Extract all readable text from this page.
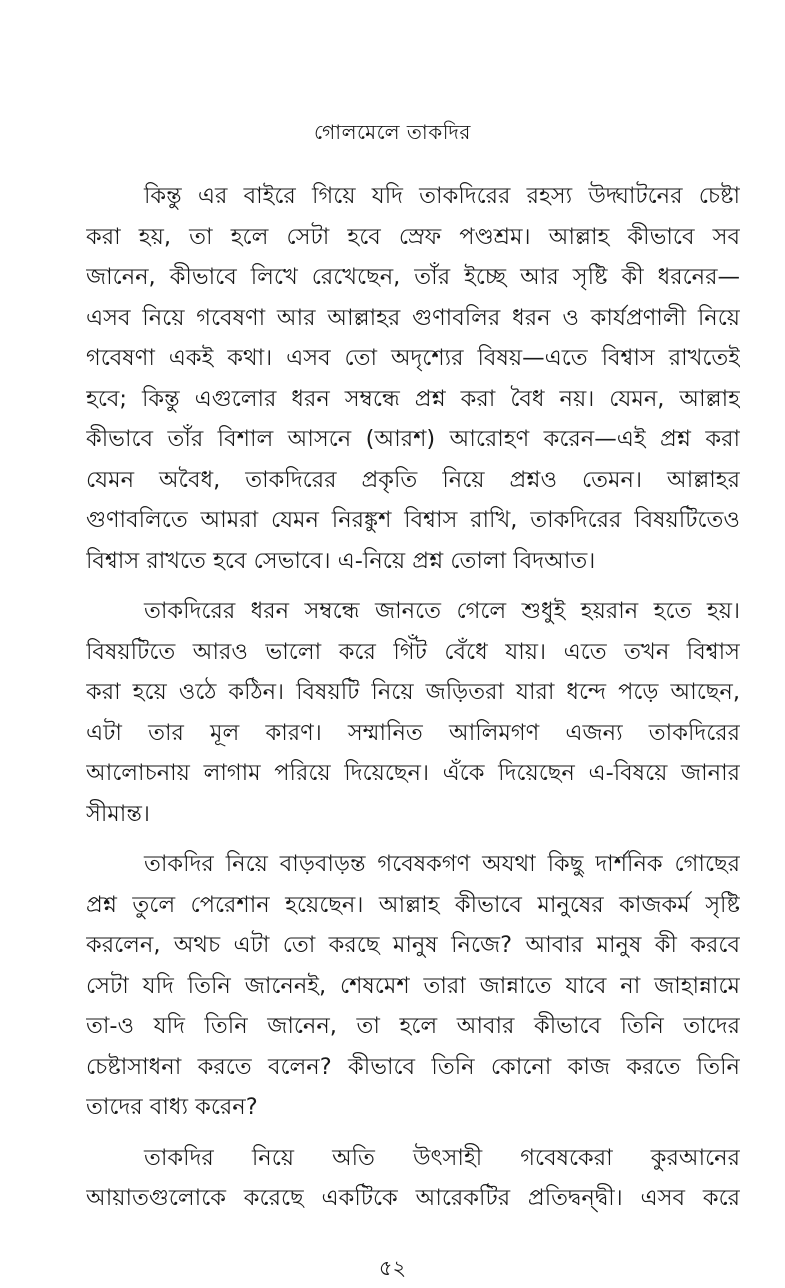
গোলমেলে তাকদির

কিন্তু এর বাইরে গিয়ে যদি তাকদিরের রহস্য উদ্ঘাটনের চেষ্টা
করা হয়, তা হলে সেটা হবে স্রেফ পণ্ডশ্রম। আল্লাহ কীভাবে সব
জানেন, কীভাবে লিখে রেখেছেন, তাঁর ইচ্ছে আর সৃষ্টি কী ধরনের—
এসব নিয়ে গবেষণা আর আল্লাহর গুণাবলির ধরন ও কার্যপ্রণালী নিয়ে
গবেষণা একই কথা। এসব তো অদৃশ্যের বিষয়—এতে বিশ্বাস রাখতেই
হবে; কিন্তু এগুলোর ধরন সম্বন্ধে প্রশ্ন করা বৈধ নয়। যেমন, আল্লাহ
কীভাবে তাঁর বিশাল আসনে (আরশ) আরোহণ করেন—এই প্রশ্ন করা
যেমন অবৈধ, তাকদিরের প্রকৃতি নিয়ে প্রশ্নও তেমন। আল্লাহর
গুণাবলিতে আমরা যেমন নিরঙ্কুশ বিশ্বাস রাখি, তাকদিরের বিষয়টিতেও
বিশ্বাস রাখতে হবে সেভাবে। এ-নিয়ে প্রশ্ন তোলা বিদআত।

তাকদিরের ধরন সম্বন্ধে জানতে গেলে শুধুই হয়রান হতে হয়।
বিষয়টিতে আরও ভালো করে গিঁট বেঁধে যায়। এতে তখন বিশ্বাস
করা হয়ে ওঠে কঠিন। বিষয়টি নিয়ে জড়িতরা যারা ধন্দে পড়ে আছেন,
এটা তার মূল কারণ। সম্মানিত আলিমগণ এজন্য তাকদিরের
আলোচনায় লাগাম পরিয়ে দিয়েছেন। এঁকে দিয়েছেন এ-বিষয়ে জানার
সীমান্ত।

তাকদির নিয়ে বাড়বাড়ন্ত গবেষকগণ অযথা কিছু দার্শনিক গোছের
প্রশ্ন তুলে পেরেশান হয়েছেন। আল্লাহ কীভাবে মানুষের কাজকর্ম সৃষ্টি
করলেন, অথচ এটা তো করছে মানুষ নিজে? আবার মানুষ কী করবে
সেটা যদি তিনি জানেনই, শেষমেশ তারা জান্নাতে যাবে না জাহান্নামে
তা-ও যদি তিনি জানেন, তা হলে আবার কীভাবে তিনি তাদের
চেষ্টাসাধনা করতে বলেন? কীভাবে তিনি কোনো কাজ করতে তিনি
তাদের বাধ্য করেন?

তাকদির নিয়ে অতি উৎসাহী গবেষকেরা কুরআনের
আয়াতগুলোকে করেছে একটিকে আরেকটির প্রতিদ্বন্দ্বী। এসব করে

৫২
